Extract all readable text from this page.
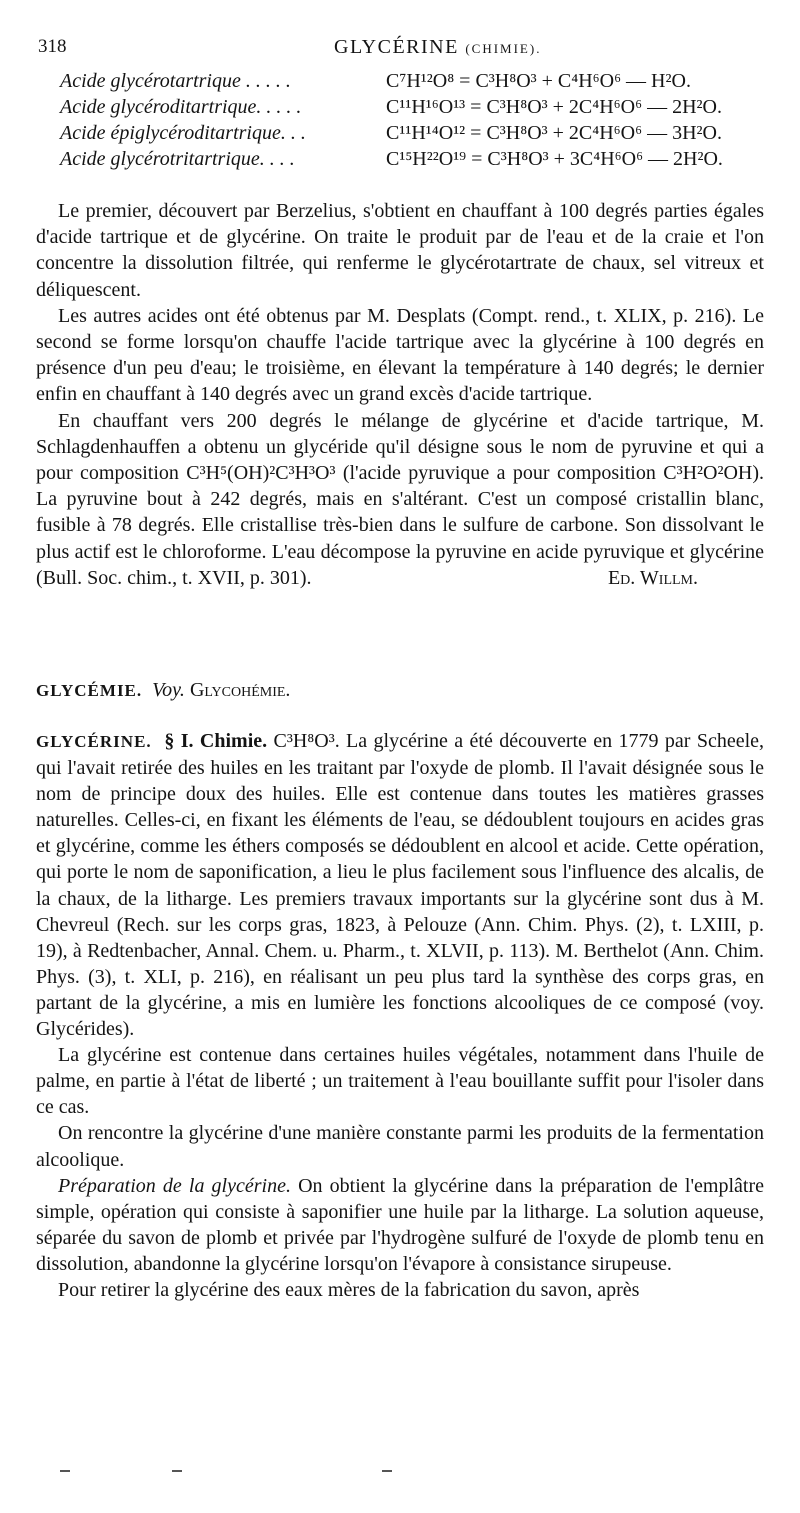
318	GLYCÉRINE (CHIMIE).
Acide glycérotartrique . . . . .	C⁷H¹²O⁸ = C³H⁸O³ + C⁴H⁶O⁶ — H²O.
Acide glycéroditartrique. . . . .	C¹¹H¹⁶O¹³ = C³H⁸O³ + 2C⁴H⁶O⁶ — 2H²O.
Acide épiglycéroditartrique. . .	C¹¹H¹⁴O¹² = C³H⁸O³ + 2C⁴H⁶O⁶ — 3H²O.
Acide glycérotritartrique. . . .	C¹⁵H²²O¹⁹ = C³H⁸O³ + 3C⁴H⁶O⁶ — 2H²O.

Le premier, découvert par Berzelius, s'obtient en chauffant à 100 degrés parties égales d'acide tartrique et de glycérine. On traite le produit par de l'eau et de la craie et l'on concentre la dissolution filtrée, qui renferme le glycérotartrate de chaux, sel vitreux et déliquescent.

Les autres acides ont été obtenus par M. Desplats (Compt. rend., t. XLIX, p. 216). Le second se forme lorsqu'on chauffe l'acide tartrique avec la glycérine à 100 degrés en présence d'un peu d'eau; le troisième, en élevant la température à 140 degrés; le dernier enfin en chauffant à 140 degrés avec un grand excès d'acide tartrique.

En chauffant vers 200 degrés le mélange de glycérine et d'acide tartrique, M. Schlagdenhauffen a obtenu un glycéride qu'il désigne sous le nom de pyruvine et qui a pour composition C³H⁵(OH)²C³H³O³ (l'acide pyruvique a pour composition C³H²O²OH). La pyruvine bout à 242 degrés, mais en s'altérant. C'est un composé cristallin blanc, fusible à 78 degrés. Elle cristallise très-bien dans le sulfure de carbone. Son dissolvant le plus actif est le chloroforme. L'eau décompose la pyruvine en acide pyruvique et glycérine (Bull. Soc. chim., t. XVII, p. 301).	Ed. Willm.

GLYCÉMIE. Voy. Glycohémie.

GLYCÉRINE. § I. Chimie. C³H⁸O³. La glycérine a été découverte en 1779 par Scheele, qui l'avait retirée des huiles en les traitant par l'oxyde de plomb. Il l'avait désignée sous le nom de principe doux des huiles. Elle est contenue dans toutes les matières grasses naturelles. Celles-ci, en fixant les éléments de l'eau, se dédoublent toujours en acides gras et glycérine, comme les éthers composés se dédoublent en alcool et acide. Cette opération, qui porte le nom de saponification, a lieu le plus facilement sous l'influence des alcalis, de la chaux, de la litharge. Les premiers travaux importants sur la glycérine sont dus à M. Chevreul (Rech. sur les corps gras, 1823, à Pelouze (Ann. Chim. Phys. (2), t. LXIII, p. 19), à Redtenbacher, Annal. Chem. u. Pharm., t. XLVII, p. 113). M. Berthelot (Ann. Chim. Phys. (3), t. XLI, p. 216), en réalisant un peu plus tard la synthèse des corps gras, en partant de la glycérine, a mis en lumière les fonctions alcooliques de ce composé (voy. Glycérides).

La glycérine est contenue dans certaines huiles végétales, notamment dans l'huile de palme, en partie à l'état de liberté ; un traitement à l'eau bouillante suffit pour l'isoler dans ce cas.

On rencontre la glycérine d'une manière constante parmi les produits de la fermentation alcoolique.

Préparation de la glycérine. On obtient la glycérine dans la préparation de l'emplâtre simple, opération qui consiste à saponifier une huile par la litharge. La solution aqueuse, séparée du savon de plomb et privée par l'hydrogène sulfuré de l'oxyde de plomb tenu en dissolution, abandonne la glycérine lorsqu'on l'évapore à consistance sirupeuse.

Pour retirer la glycérine des eaux mères de la fabrication du savon, après
